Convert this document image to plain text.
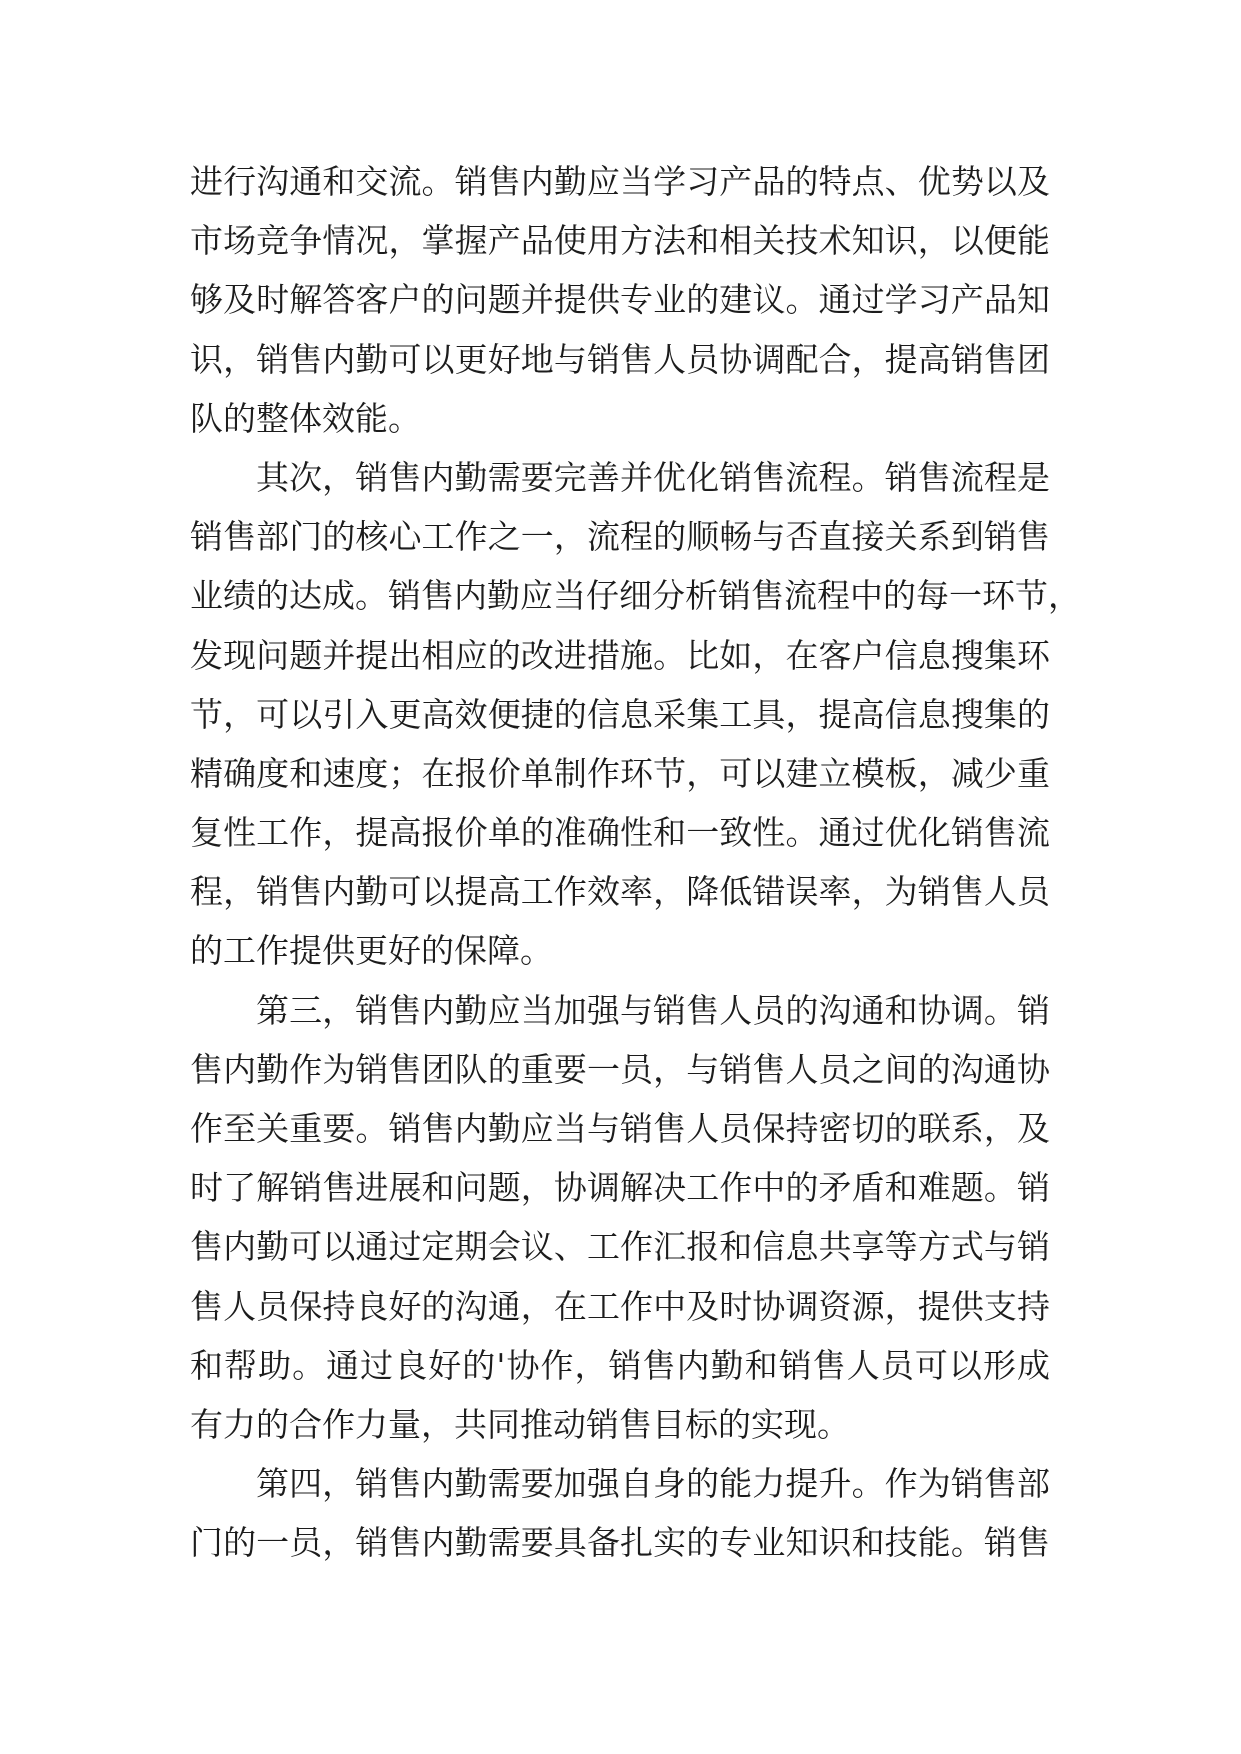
进行沟通和交流。销售内勤应当学习产品的特点、优势以及
市场竞争情况，掌握产品使用方法和相关技术知识，以便能
够及时解答客户的问题并提供专业的建议。通过学习产品知
识，销售内勤可以更好地与销售人员协调配合，提高销售团
队的整体效能。
其次，销售内勤需要完善并优化销售流程。销售流程是
销售部门的核心工作之一，流程的顺畅与否直接关系到销售
业绩的达成。销售内勤应当仔细分析销售流程中的每一环节，
发现问题并提出相应的改进措施。比如，在客户信息搜集环
节，可以引入更高效便捷的信息采集工具，提高信息搜集的
精确度和速度；在报价单制作环节，可以建立模板，减少重
复性工作，提高报价单的准确性和一致性。通过优化销售流
程，销售内勤可以提高工作效率，降低错误率，为销售人员
的工作提供更好的保障。
第三，销售内勤应当加强与销售人员的沟通和协调。销
售内勤作为销售团队的重要一员，与销售人员之间的沟通协
作至关重要。销售内勤应当与销售人员保持密切的联系，及
时了解销售进展和问题，协调解决工作中的矛盾和难题。销
售内勤可以通过定期会议、工作汇报和信息共享等方式与销
售人员保持良好的沟通，在工作中及时协调资源，提供支持
和帮助。通过良好的'协作，销售内勤和销售人员可以形成
有力的合作力量，共同推动销售目标的实现。
第四，销售内勤需要加强自身的能力提升。作为销售部
门的一员，销售内勤需要具备扎实的专业知识和技能。销售
